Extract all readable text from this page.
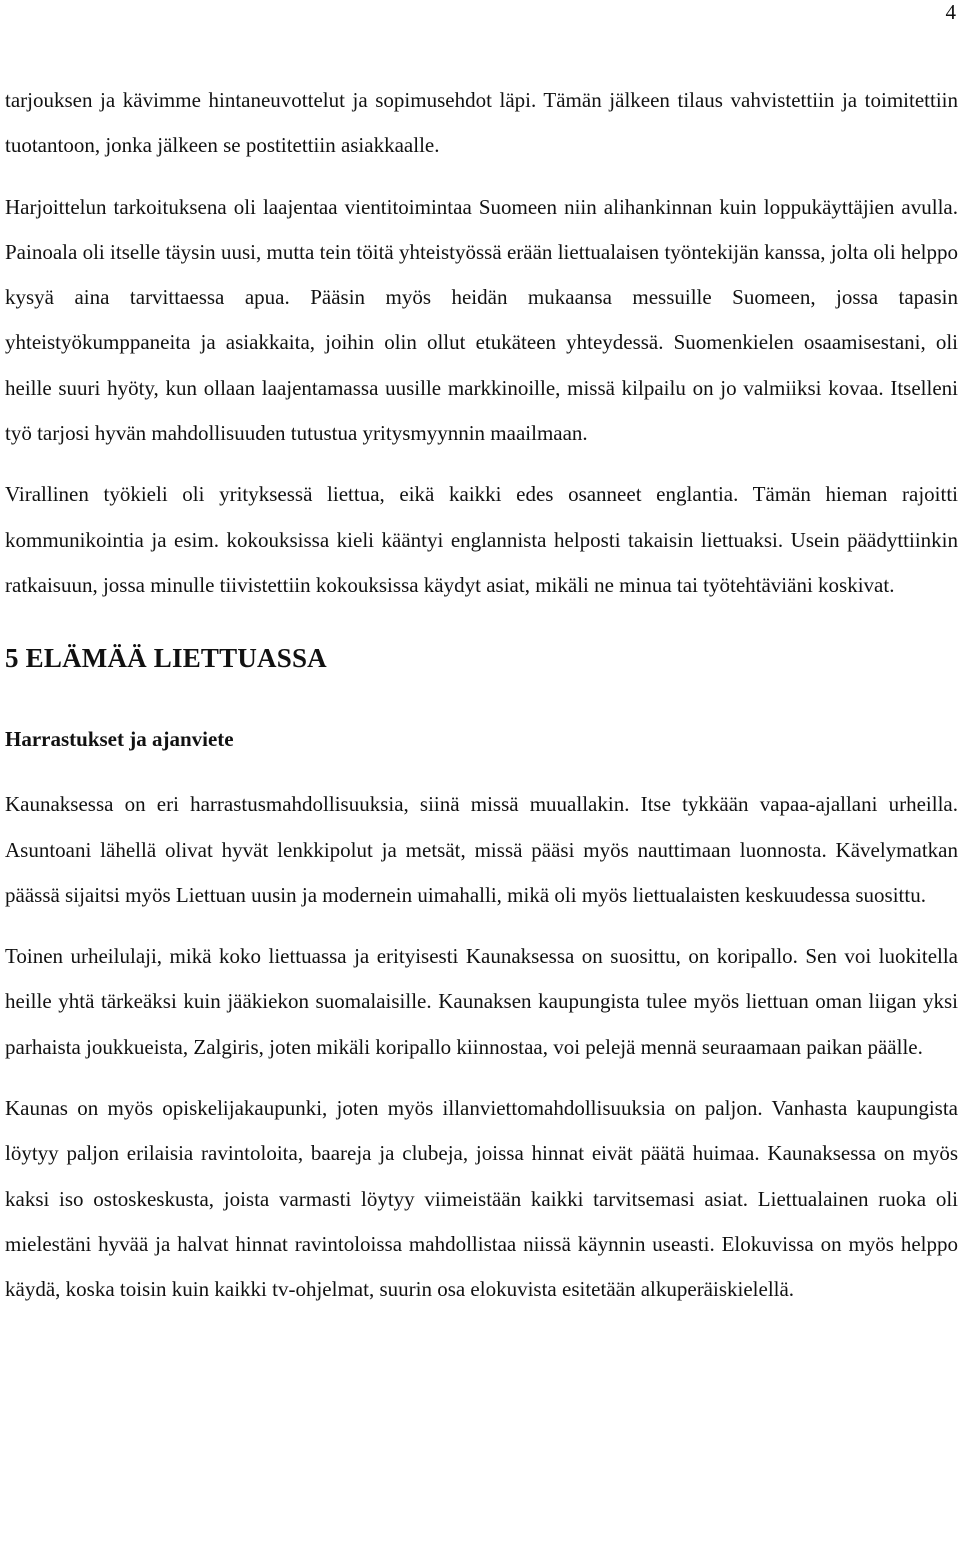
4

tarjouksen ja kävimme hintaneuvottelut ja sopimusehdot läpi. Tämän jälkeen tilaus vahvistettiin ja toimitettiin tuotantoon, jonka jälkeen se postitettiin asiakkaalle.

Harjoittelun tarkoituksena oli laajentaa vientitoimintaa Suomeen niin alihankinnan kuin loppukäyttäjien avulla. Painoala oli itselle täysin uusi, mutta tein töitä yhteistyössä erään liettualaisen työntekijän kanssa, jolta oli helppo kysyä aina tarvittaessa apua. Pääsin myös heidän mukaansa messuille Suomeen, jossa tapasin yhteistyökumppaneita ja asiakkaita, joihin olin ollut etukäteen yhteydessä. Suomenkielen osaamisestani, oli heille suuri hyöty, kun ollaan laajentamassa uusille markkinoille, missä kilpailu on jo valmiiksi kovaa. Itselleni työ tarjosi hyvän mahdollisuuden tutustua yritysmyynnin maailmaan.

Virallinen työkieli oli yrityksessä liettua, eikä kaikki edes osanneet englantia. Tämän hieman rajoitti kommunikointia ja esim. kokouksissa kieli kääntyi englannista helposti takaisin liettuaksi. Usein päädyttiinkin ratkaisuun, jossa minulle tiivistettiin kokouksissa käydyt asiat, mikäli ne minua tai työtehtäviäni koskivat.

5 ELÄMÄÄ LIETTUASSA
Harrastukset ja ajanviete

Kaunaksessa on eri harrastusmahdollisuuksia, siinä missä muuallakin. Itse tykkään vapaa-ajallani urheilla. Asuntoani lähellä olivat hyvät lenkkipolut ja metsät, missä pääsi myös nauttimaan luonnosta. Kävelymatkan päässä sijaitsi myös Liettuan uusin ja modernein uimahalli, mikä oli myös liettualaisten keskuudessa suosittu.

Toinen urheilulaji, mikä koko liettuassa ja erityisesti Kaunaksessa on suosittu, on koripallo. Sen voi luokitella heille yhtä tärkeäksi kuin jääkiekon suomalaisille. Kaunaksen kaupungista tulee myös liettuan oman liigan yksi parhaista joukkueista, Zalgiris, joten mikäli koripallo kiinnostaa, voi pelejä mennä seuraamaan paikan päälle.

Kaunas on myös opiskelijakaupunki, joten myös illanviettomahdollisuuksia on paljon. Vanhasta kaupungista löytyy paljon erilaisia ravintoloita, baareja ja clubeja, joissa hinnat eivät päätä huimaa. Kaunaksessa on myös kaksi iso ostoskeskusta, joista varmasti löytyy viimeistään kaikki tarvitsemasi asiat. Liettualainen ruoka oli mielestäni hyvää ja halvat hinnat ravintoloissa mahdollistaa niissä käynnin useasti. Elokuvissa on myös helppo käydä, koska toisin kuin kaikki tv-ohjelmat, suurin osa elokuvista esitetään alkuperäiskielellä.
